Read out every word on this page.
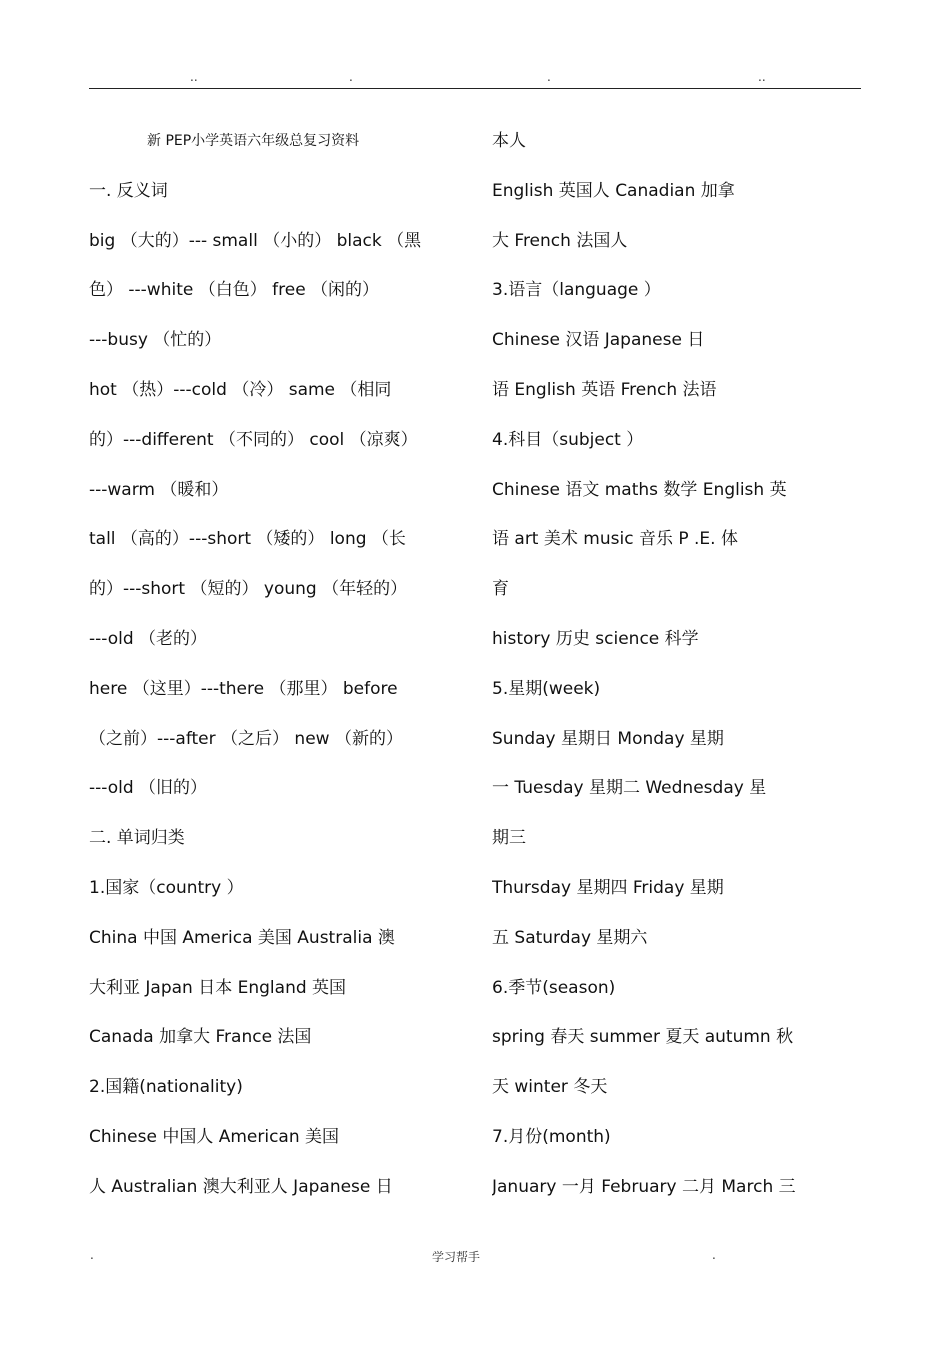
..	.	.	..
新 PEP小学英语六年级总复习资料
一. 反义词
big （大的）--- small （小的） black （黑
色） ---white （白色） free （闲的）
---busy （忙的）
hot （热）---cold （冷） same （相同
的）---different （不同的） cool （凉爽）
---warm （暖和）
tall （高的）---short （矮的） long （长
的）---short （短的） young （年轻的）
---old （老的）
here （这里）---there （那里） before
（之前）---after （之后） new （新的）
---old （旧的）
二. 单词归类
1.国家（country ）
China 中国 America 美国 Australia 澳
大利亚 Japan 日本 England 英国
Canada 加拿大 France 法国
2.国籍(nationality)
Chinese 中国人 American 美国
人 Australian 澳大利亚人 Japanese 日
本人
English 英国人 Canadian 加拿
大 French 法国人
3.语言（language ）
Chinese 汉语 Japanese 日
语 English 英语 French 法语
4.科目（subject ）
Chinese 语文 maths 数学 English 英
语 art 美术 music 音乐 P .E. 体
育
history 历史 science 科学
5.星期(week)
Sunday 星期日 Monday 星期
一 Tuesday 星期二 Wednesday 星
期三
Thursday 星期四 Friday 星期
五 Saturday 星期六
6.季节(season)
spring 春天 summer 夏天 autumn 秋
天 winter 冬天
7.月份(month)
January 一月 February 二月 March 三
.	学习帮手	.
